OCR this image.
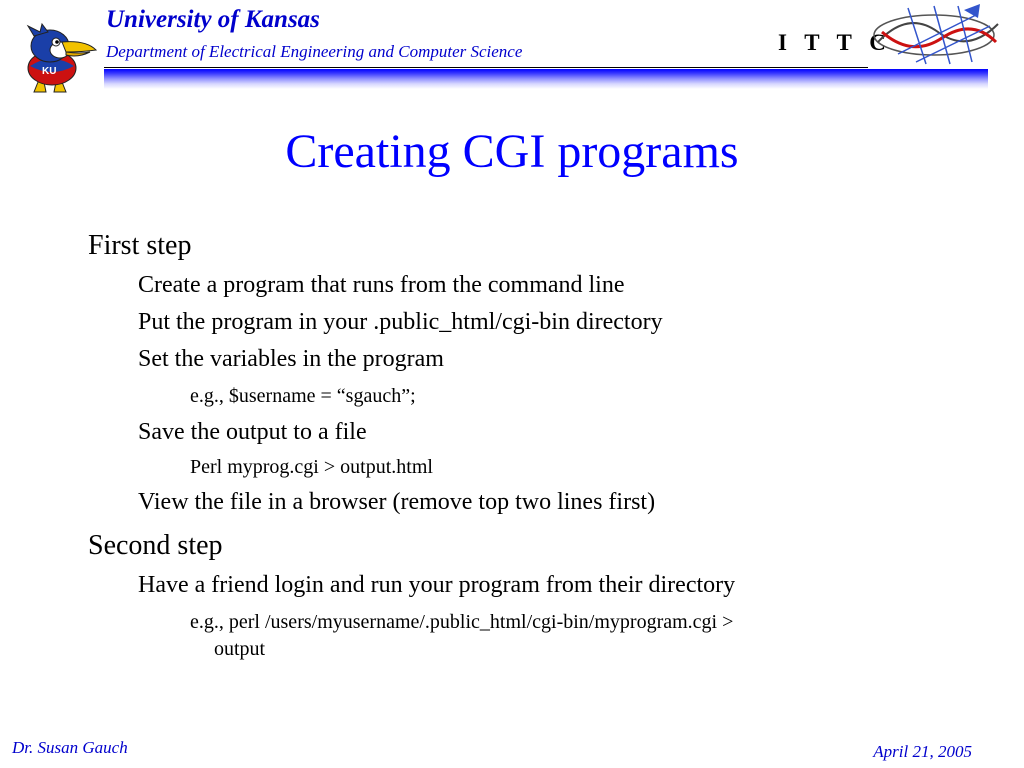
KU
University of Kansas
Department of Electrical Engineering and Computer Science	I T T C
Creating CGI programs
First step
Create a program that runs from the command line
Put the program in your .public_html/cgi-bin directory
Set the variables in the program
e.g., $username = “sgauch”;
Save the output to a file
Perl myprog.cgi > output.html
View the file in a browser (remove top two lines first)
Second step
Have a friend login and run your program from their directory
e.g., perl /users/myusername/.public_html/cgi-bin/myprogram.cgi >
output
Dr. Susan Gauch	April 21, 2005
